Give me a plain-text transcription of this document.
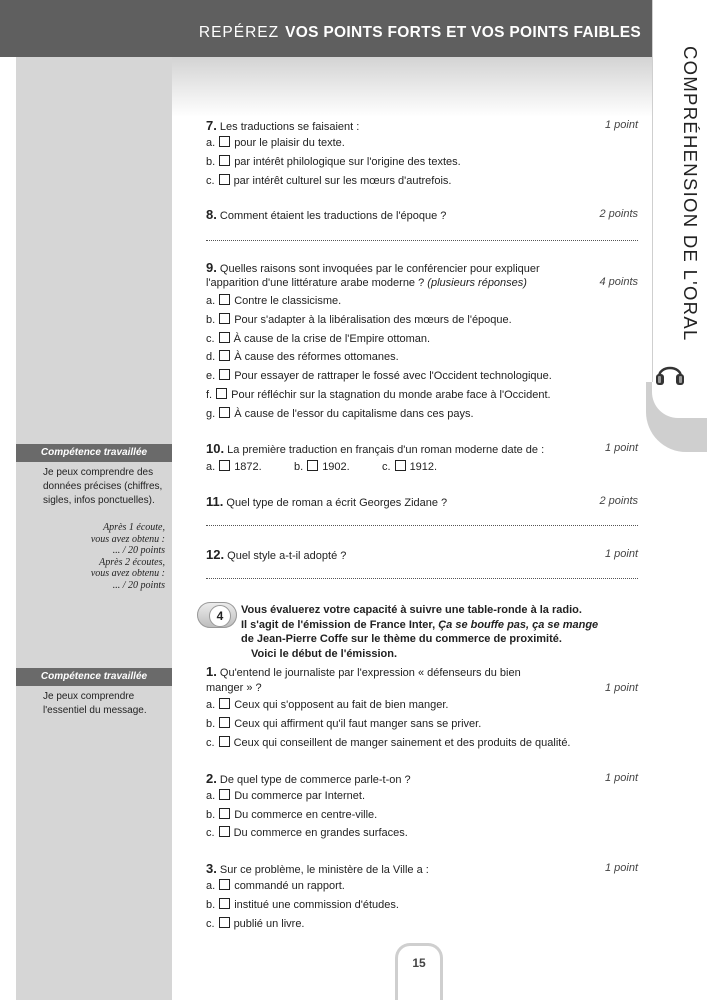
REPÉREZ VOS POINTS FORTS ET VOS POINTS FAIBLES
COMPRÉHENSION DE L'ORAL
Compétence travaillée
Je peux comprendre des données précises (chiffres, sigles, infos ponctuelles).
Après 1 écoute,
vous avez obtenu :
... / 20 points
Après 2 écoutes,
vous avez obtenu :
... / 20 points
Compétence travaillée
Je peux comprendre l'essentiel du message.
7. Les traductions se faisaient :	1 point
a. pour le plaisir du texte.
b. par intérêt philologique sur l'origine des textes.
c. par intérêt culturel sur les mœurs d'autrefois.
8. Comment étaient les traductions de l'époque ?	2 points
9. Quelles raisons sont invoquées par le conférencier pour expliquer
l'apparition d'une littérature arabe moderne ? (plusieurs réponses)	4 points
a. Contre le classicisme.
b. Pour s'adapter à la libéralisation des mœurs de l'époque.
c. À cause de la crise de l'Empire ottoman.
d. À cause des réformes ottomanes.
e. Pour essayer de rattraper le fossé avec l'Occident technologique.
f. Pour réfléchir sur la stagnation du monde arabe face à l'Occident.
g. À cause de l'essor du capitalisme dans ces pays.
10. La première traduction en français d'un roman moderne date de :	1 point
a. 1872.	b. 1902.	c. 1912.
11. Quel type de roman a écrit Georges Zidane ?	2 points
12. Quel style a-t-il adopté ?	1 point
4	Vous évaluerez votre capacité à suivre une table-ronde à la radio.
Il s'agit de l'émission de France Inter, Ça se bouffe pas, ça se mange
de Jean-Pierre Coffe sur le thème du commerce de proximité.
Voici le début de l'émission.
1. Qu'entend le journaliste par l'expression « défenseurs du bien
manger » ?	1 point
a. Ceux qui s'opposent au fait de bien manger.
b. Ceux qui affirment qu'il faut manger sans se priver.
c. Ceux qui conseillent de manger sainement et des produits de qualité.
2. De quel type de commerce parle-t-on ?	1 point
a. Du commerce par Internet.
b. Du commerce en centre-ville.
c. Du commerce en grandes surfaces.
3. Sur ce problème, le ministère de la Ville a :	1 point
a. commandé un rapport.
b. institué une commission d'études.
c. publié un livre.
15
